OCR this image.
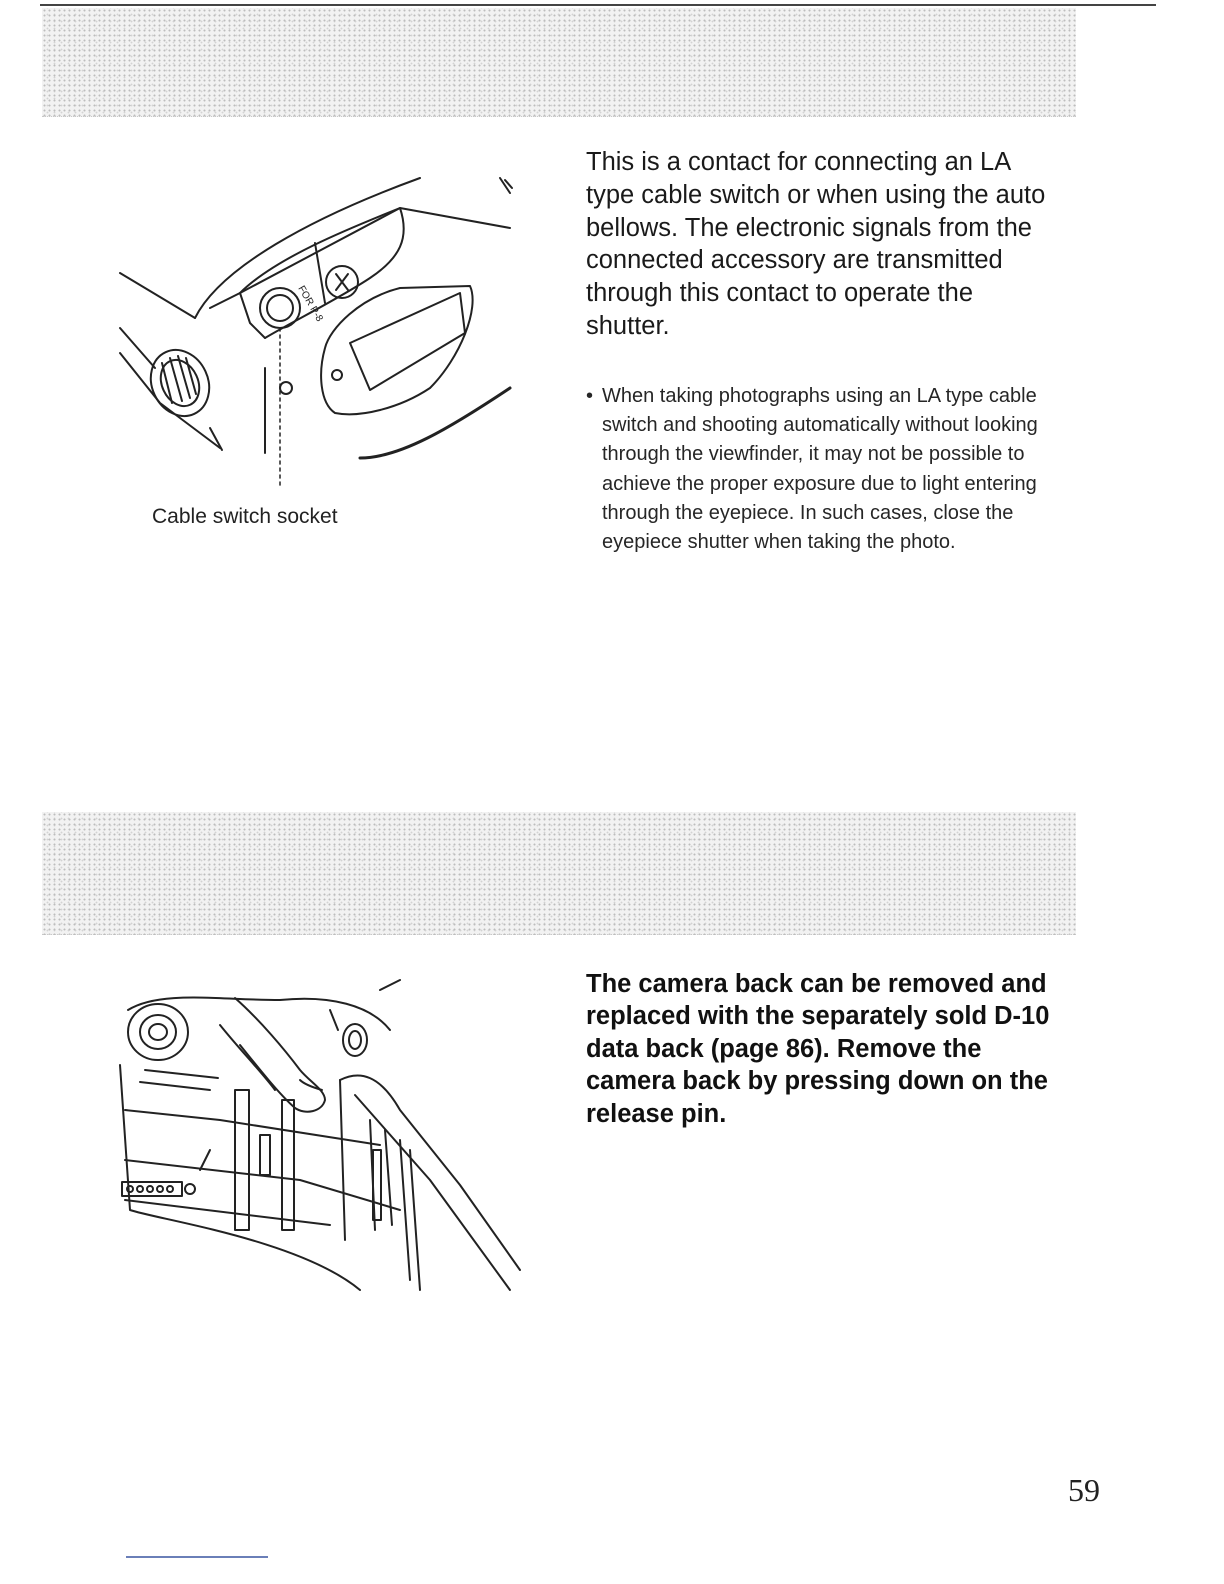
FOR P-8
Cable switch socket

This is a contact for connecting an LA type cable switch or when using the auto bellows. The electronic signals from the connected accessory are transmitted through this contact to operate the shutter.

• When taking photographs using an LA type cable switch and shooting automatically without looking through the viewfinder, it may not be possible to achieve the proper exposure due to light entering through the eyepiece. In such cases, close the eyepiece shutter when taking the photo.

The camera back can be removed and replaced with the separately sold D-10 data back (page 86). Remove the camera back by pressing down on the release pin.

59
